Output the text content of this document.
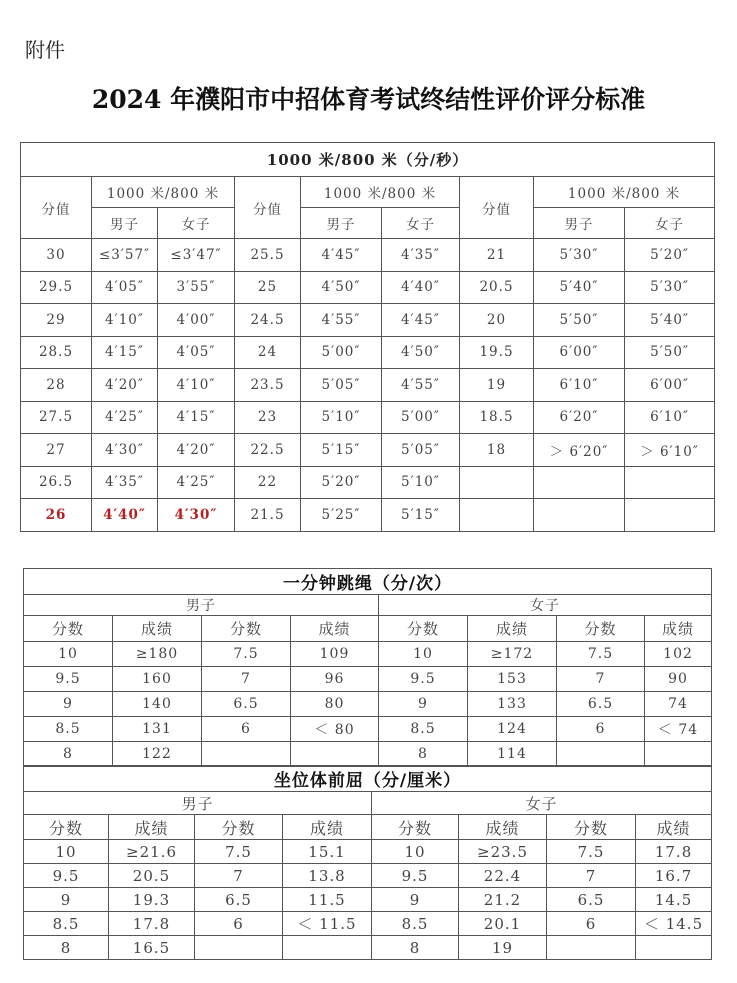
附件
2024 年濮阳市中招体育考试终结性评价评分标准
1000 米/800 米（分/秒）								
分值	1000 米/800 米		分值	1000 米/800 米		分值	1000 米/800 米	
	男子	女子		男子	女子		男子	女子
30	≤3′57″	≤3′47″	25.5	4′45″	4′35″	21	5′30″	5′20″
29.5	4′05″	3′55″	25	4′50″	4′40″	20.5	5′40″	5′30″
29	4′10″	4′00″	24.5	4′55″	4′45″	20	5′50″	5′40″
28.5	4′15″	4′05″	24	5′00″	4′50″	19.5	6′00″	5′50″
28	4′20″	4′10″	23.5	5′05″	4′55″	19	6′10″	6′00″
27.5	4′25″	4′15″	23	5′10″	5′00″	18.5	6′20″	6′10″
27	4′30″	4′20″	22.5	5′15″	5′05″	18	＞ 6′20″	＞ 6′10″
26.5	4′35″	4′25″	22	5′20″	5′10″			
26	4′40″	4′30″	21.5	5′25″	5′15″			
一分钟跳绳（分/次）							
男子				女子			
分数	成绩	分数	成绩	分数	成绩	分数	成绩
10	≥180	7.5	109	10	≥172	7.5	102
9.5	160	7	96	9.5	153	7	90
9	140	6.5	80	9	133	6.5	74
8.5	131	6	＜ 80	8.5	124	6	＜ 74
8	122			8	114		
坐位体前屈（分/厘米）							
男子				女子			
分数	成绩	分数	成绩	分数	成绩	分数	成绩
10	≥21.6	7.5	15.1	10	≥23.5	7.5	17.8
9.5	20.5	7	13.8	9.5	22.4	7	16.7
9	19.3	6.5	11.5	9	21.2	6.5	14.5
8.5	17.8	6	＜ 11.5	8.5	20.1	6	＜ 14.5
8	16.5			8	19		
